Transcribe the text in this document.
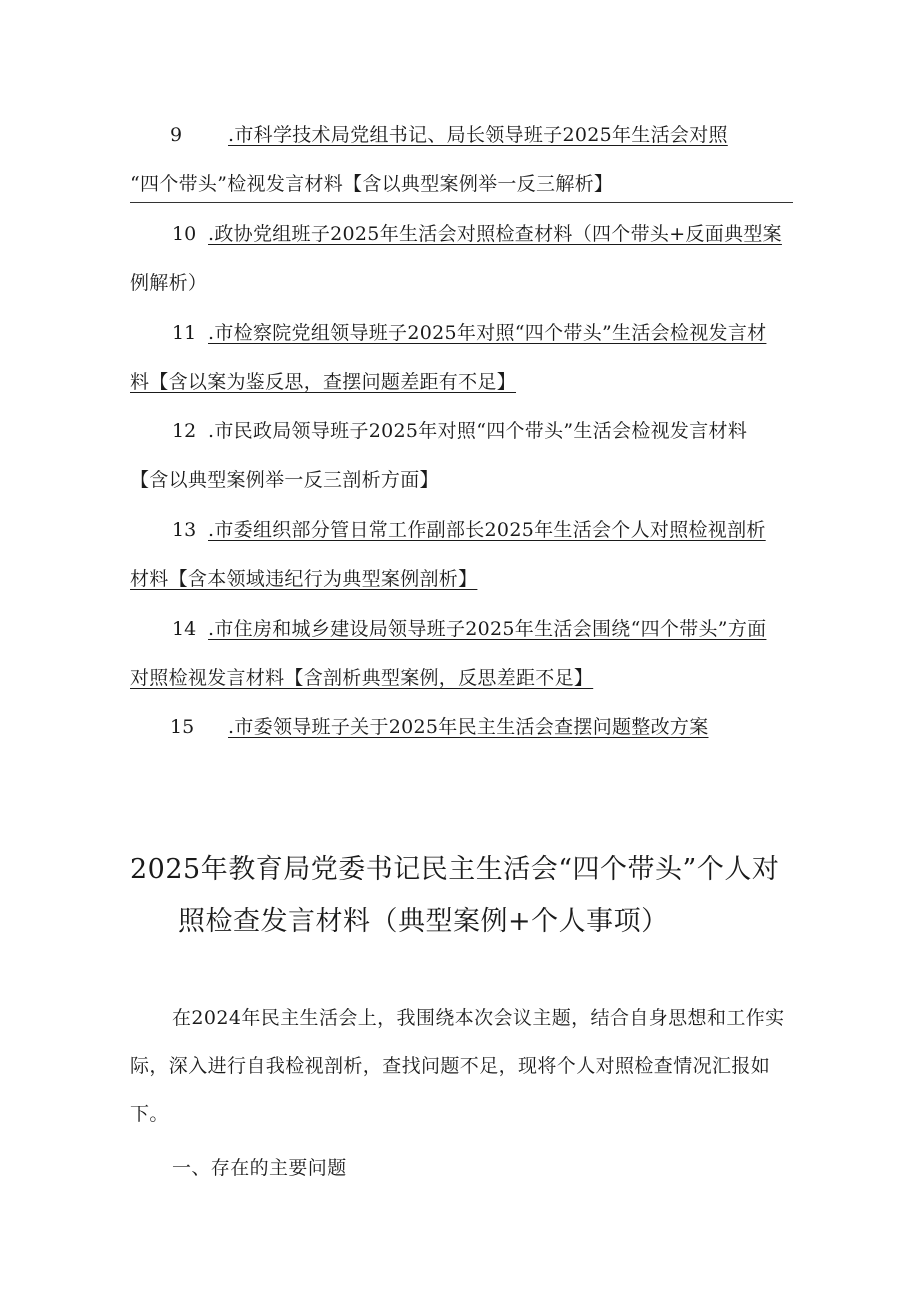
9 .市科学技术局党组书记、局长领导班子2025年生活会对照
“四个带头”检视发言材料【含以典型案例举一反三解析】
10 .政协党组班子2025年生活会对照检查材料（四个带头+反面典型案
例解析）
11 .市检察院党组领导班子2025年对照“四个带头”生活会检视发言材
料【含以案为鉴反思，查摆问题差距有不足】
12 .市民政局领导班子2025年对照“四个带头”生活会检视发言材料
【含以典型案例举一反三剖析方面】
13 .市委组织部分管日常工作副部长2025年生活会个人对照检视剖析
材料【含本领域违纪行为典型案例剖析】
14 .市住房和城乡建设局领导班子2025年生活会围绕“四个带头”方面
对照检视发言材料【含剖析典型案例，反思差距不足】
15 .市委领导班子关于2025年民主生活会查摆问题整改方案
2025年教育局党委书记民主生活会“四个带头”个人对
照检查发言材料（典型案例+个人事项）
在2024年民主生活会上，我围绕本次会议主题，结合自身思想和工作实
际，深入进行自我检视剖析，查找问题不足，现将个人对照检查情况汇报如
下。
一、存在的主要问题
